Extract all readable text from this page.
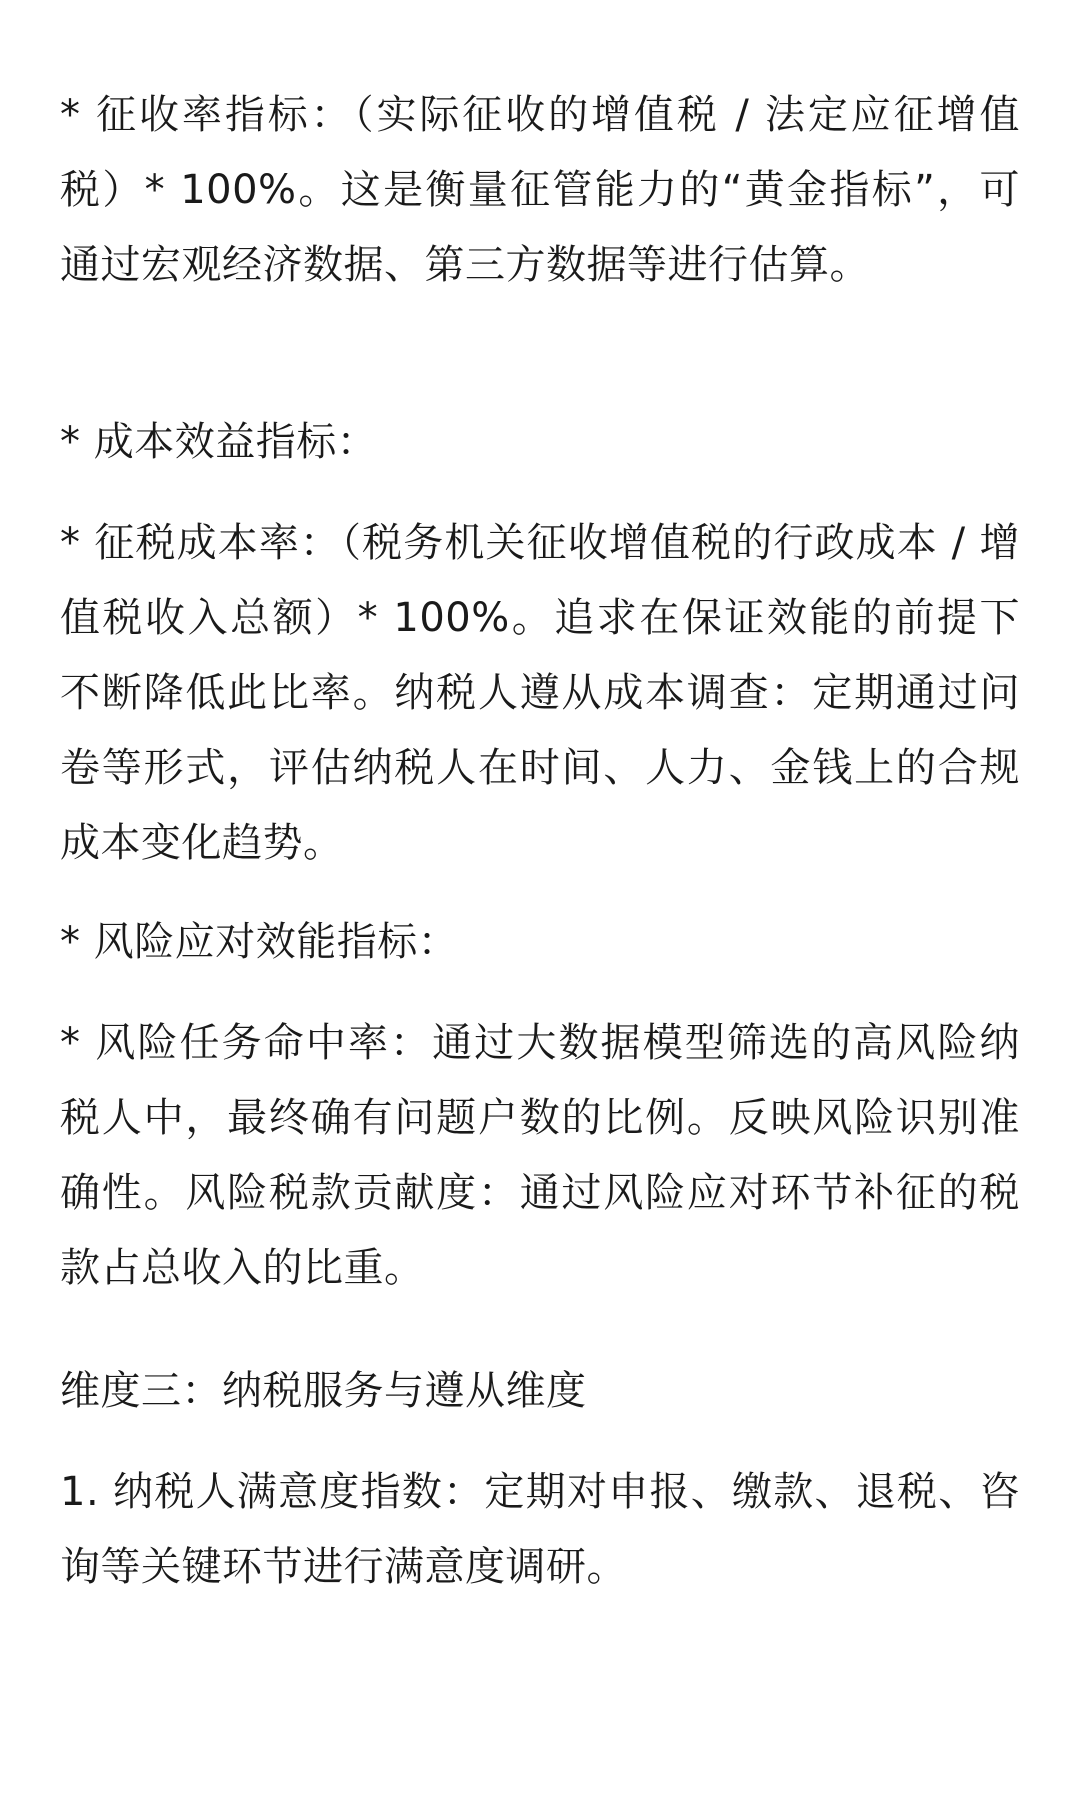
* 征收率指标：（实际征收的增值税 / 法定应征增值税）* 100%。这是衡量征管能力的“黄金指标”，可通过宏观经济数据、第三方数据等进行估算。

* 成本效益指标：

* 征税成本率：（税务机关征收增值税的行政成本 / 增值税收入总额）* 100%。追求在保证效能的前提下不断降低此比率。纳税人遵从成本调查：定期通过问卷等形式，评估纳税人在时间、人力、金钱上的合规成本变化趋势。

* 风险应对效能指标：

* 风险任务命中率：通过大数据模型筛选的高风险纳税人中，最终确有问题户数的比例。反映风险识别准确性。风险税款贡献度：通过风险应对环节补征的税款占总收入的比重。

维度三：纳税服务与遵从维度

1. 纳税人满意度指数：定期对申报、缴款、退税、咨询等关键环节进行满意度调研。
